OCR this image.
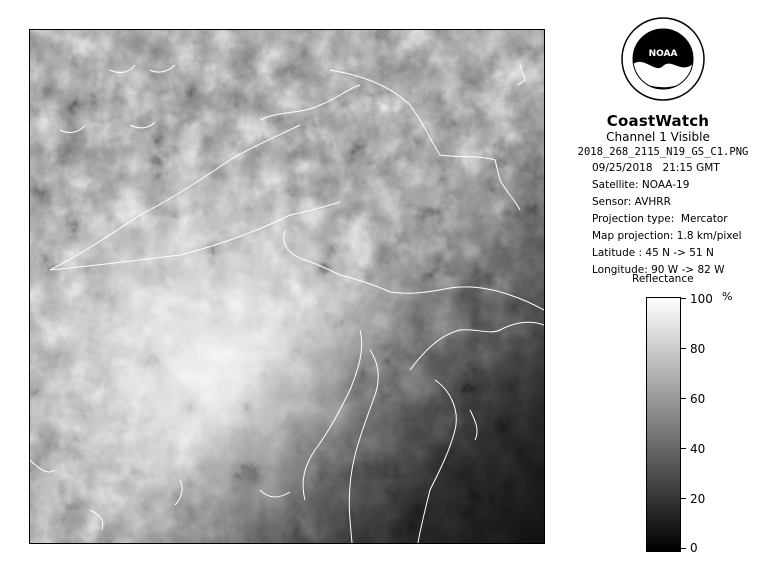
NOAA
CoastWatch
Channel 1 Visible
2018_268_2115_N19_GS_C1.PNG
09/25/2018   21:15 GMT
Satellite: NOAA-19
Sensor: AVHRR
Projection type:  Mercator
Map projection: 1.8 km/pixel
Latitude : 45 N -> 51 N
Longitude: 90 W -> 82 W
Reflectance
100
80
60
40
20
0
%
